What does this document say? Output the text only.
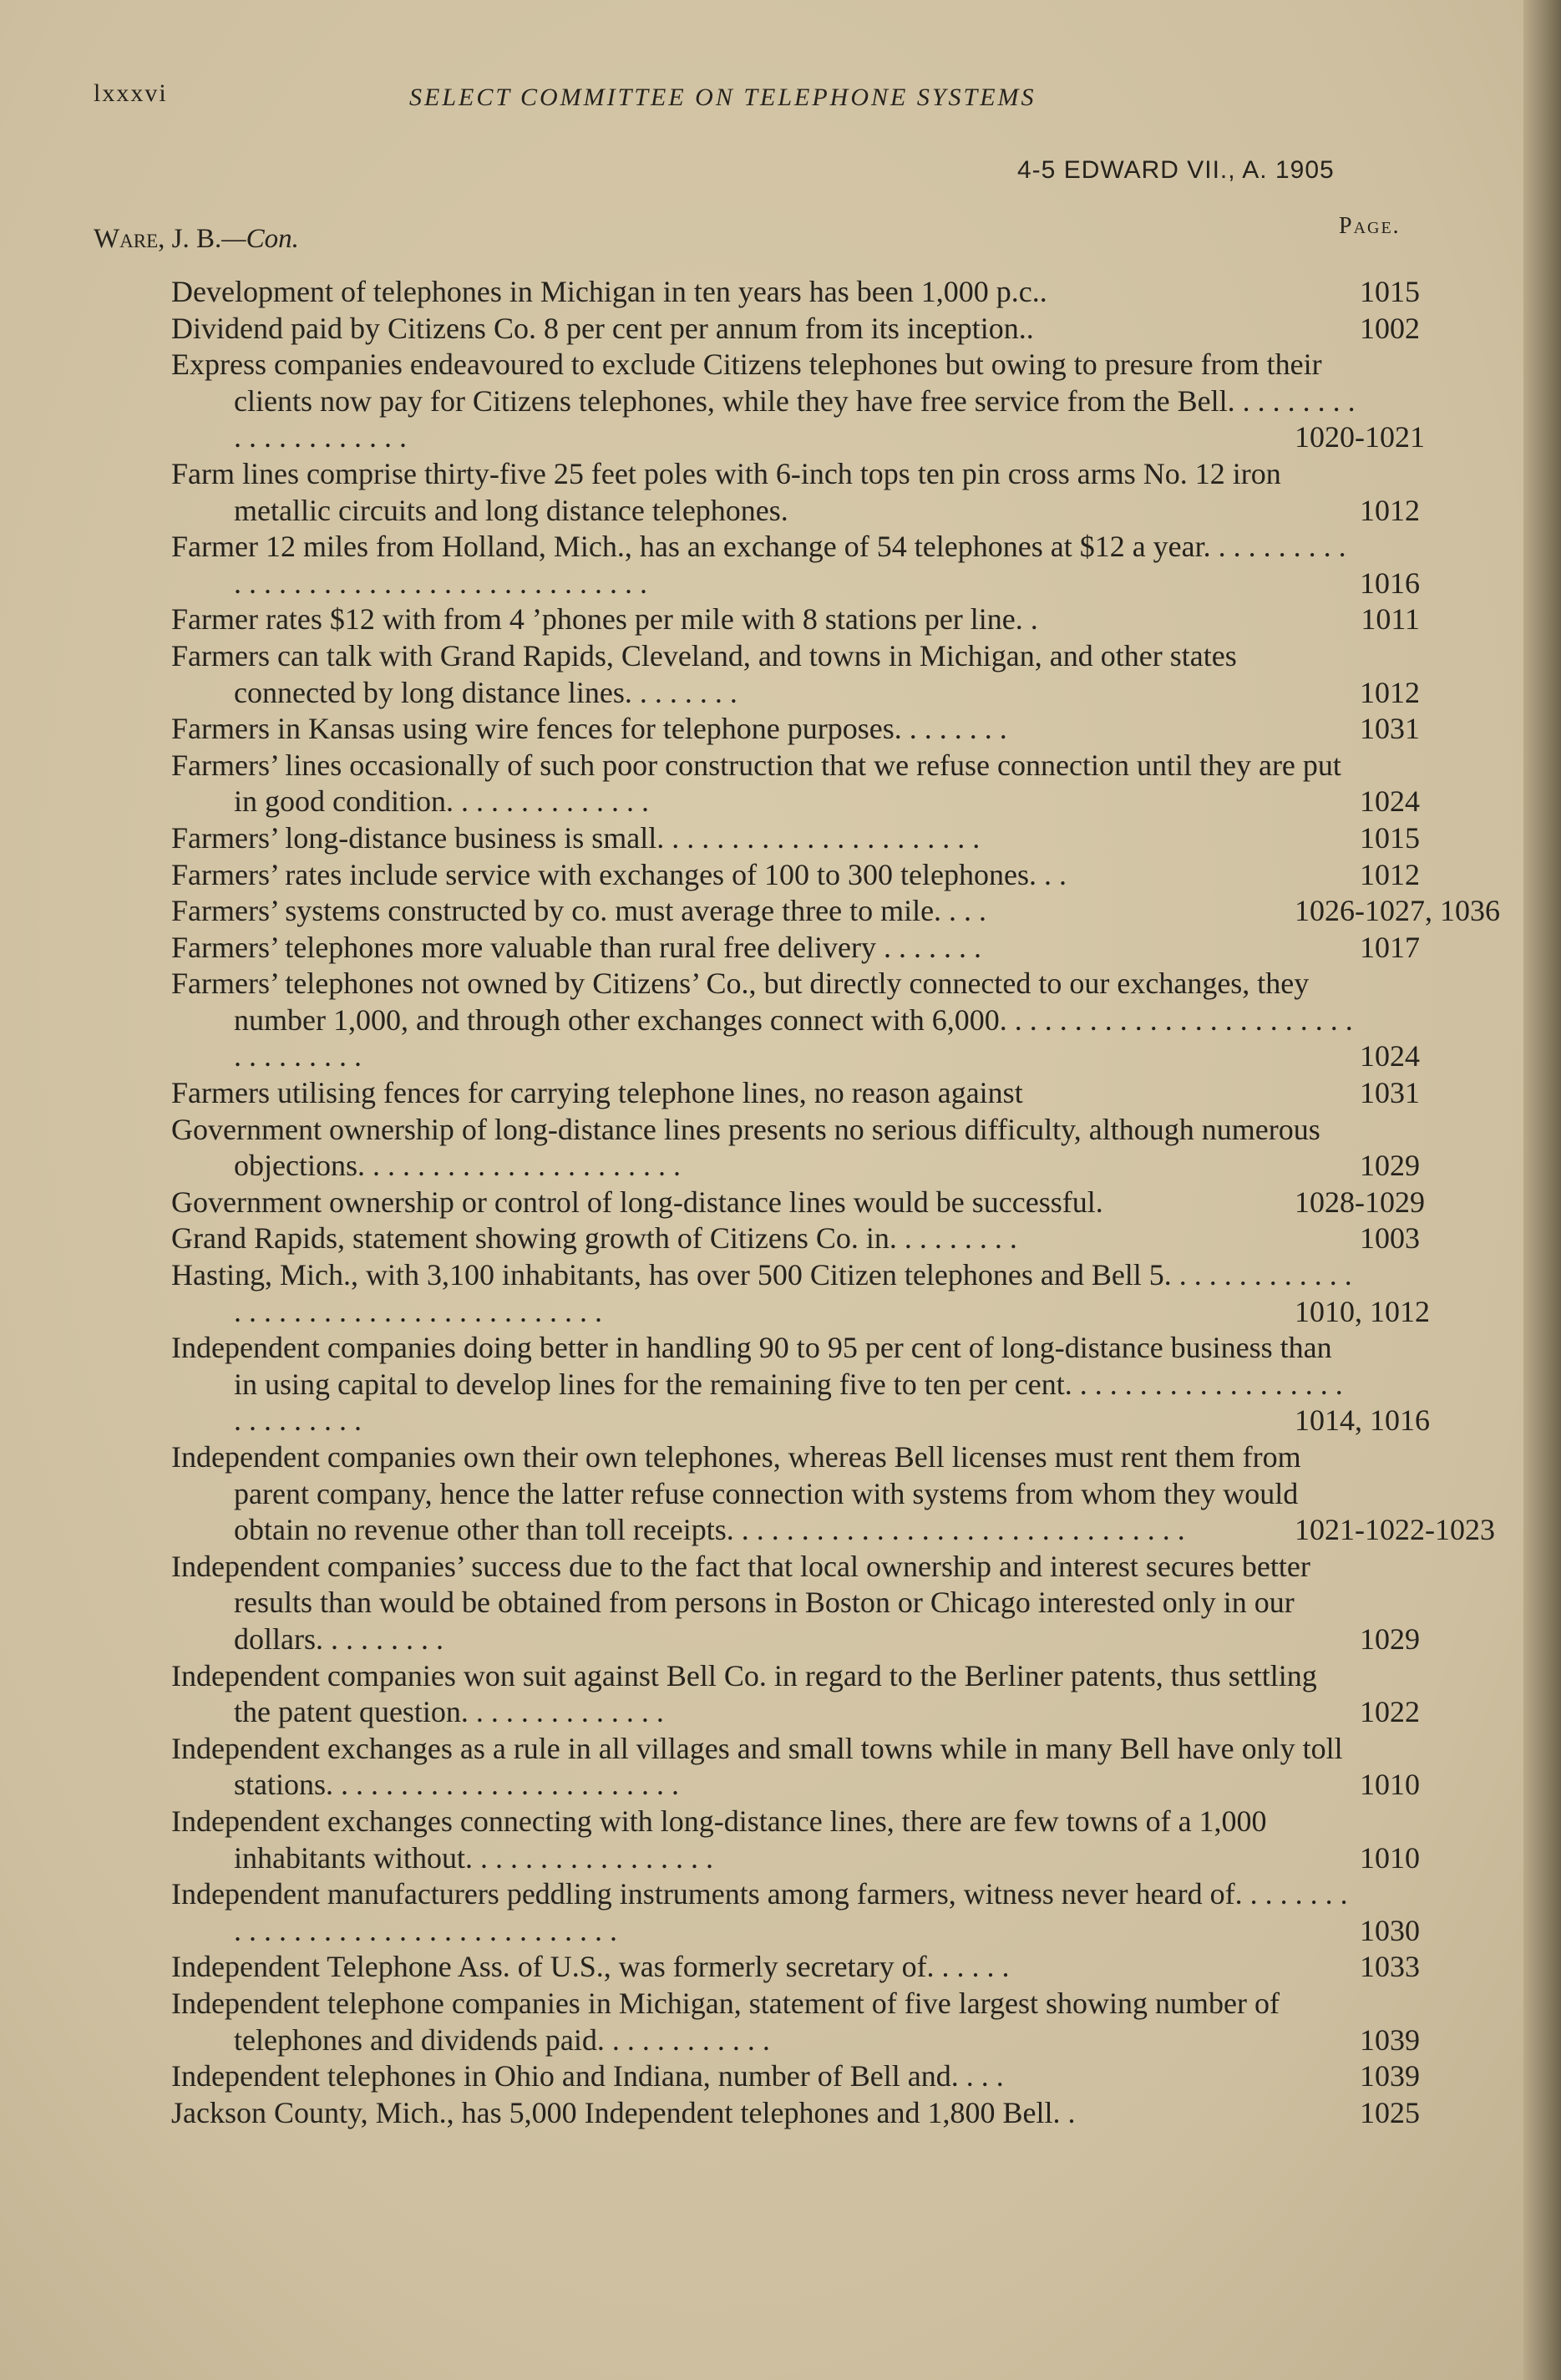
lxxxvi	SELECT COMMITTEE ON TELEPHONE SYSTEMS
4-5 EDWARD VII., A. 1905
Page.
Ware, J. B.—Con.
Development of telephones in Michigan in ten years has been 1,000 p.c..	1015
Dividend paid by Citizens Co. 8 per cent per annum from its inception..	1002
Express companies endeavoured to exclude Citizens telephones but owing to presure from their clients now pay for Citizens telephones, while they have free service from the Bell. . . . . . . . . . . . . . . . . . . . .	1020-1021
Farm lines comprise thirty-five 25 feet poles with 6-inch tops ten pin cross arms No. 12 iron metallic circuits and long distance telephones.	1012
Farmer 12 miles from Holland, Mich., has an exchange of 54 telephones at $12 a year. . . . . . . . . . . . . . . . . . . . . . . . . . . . . . . . . . . . . .	1016
Farmer rates $12 with from 4 ’phones per mile with 8 stations per line. .	1011
Farmers can talk with Grand Rapids, Cleveland, and towns in Michigan, and other states connected by long distance lines. . . . . . . .	1012
Farmers in Kansas using wire fences for telephone purposes. . . . . . . .	1031
Farmers’ lines occasionally of such poor construction that we refuse connection until they are put in good condition. . . . . . . . . . . . . .	1024
Farmers’ long-distance business is small. . . . . . . . . . . . . . . . . . . . . .	1015
Farmers’ rates include service with exchanges of 100 to 300 telephones. . .	1012
Farmers’ systems constructed by co. must average three to mile. . . .	1026-1027, 1036
Farmers’ telephones more valuable than rural free delivery . . . . . . .	1017
Farmers’ telephones not owned by Citizens’ Co., but directly connected to our exchanges, they number 1,000, and through other exchanges connect with 6,000. . . . . . . . . . . . . . . . . . . . . . . . . . . . . . . . .	1024
Farmers utilising fences for carrying telephone lines, no reason against	1031
Government ownership of long-distance lines presents no serious difficulty, although numerous objections. . . . . . . . . . . . . . . . . . . . . .	1029
Government ownership or control of long-distance lines would be successful.	1028-1029
Grand Rapids, statement showing growth of Citizens Co. in. . . . . . . . .	1003
Hasting, Mich., with 3,100 inhabitants, has over 500 Citizen telephones and Bell 5. . . . . . . . . . . . . . . . . . . . . . . . . . . . . . . . . . . . . .	1010, 1012
Independent companies doing better in handling 90 to 95 per cent of long-distance business than in using capital to develop lines for the remaining five to ten per cent. . . . . . . . . . . . . . . . . . . . . . . . . . . .	1014, 1016
Independent companies own their own telephones, whereas Bell licenses must rent them from parent company, hence the latter refuse connection with systems from whom they would obtain no revenue other than toll receipts. . . . . . . . . . . . . . . . . . . . . . . . . . . . . . .	1021-1022-1023
Independent companies’ success due to the fact that local ownership and interest secures better results than would be obtained from persons in Boston or Chicago interested only in our dollars. . . . . . . . .	1029
Independent companies won suit against Bell Co. in regard to the Berliner patents, thus settling the patent question. . . . . . . . . . . . . .	1022
Independent exchanges as a rule in all villages and small towns while in many Bell have only toll stations. . . . . . . . . . . . . . . . . . . . . . . .	1010
Independent exchanges connecting with long-distance lines, there are few towns of a 1,000 inhabitants without. . . . . . . . . . . . . . . . .	1010
Independent manufacturers peddling instruments among farmers, witness never heard of. . . . . . . . . . . . . . . . . . . . . . . . . . . . . . . . . .	1030
Independent Telephone Ass. of U.S., was formerly secretary of. . . . . .	1033
Independent telephone companies in Michigan, statement of five largest showing number of telephones and dividends paid. . . . . . . . . . . .	1039
Independent telephones in Ohio and Indiana, number of Bell and. . . .	1039
Jackson County, Mich., has 5,000 Independent telephones and 1,800 Bell. .	1025
